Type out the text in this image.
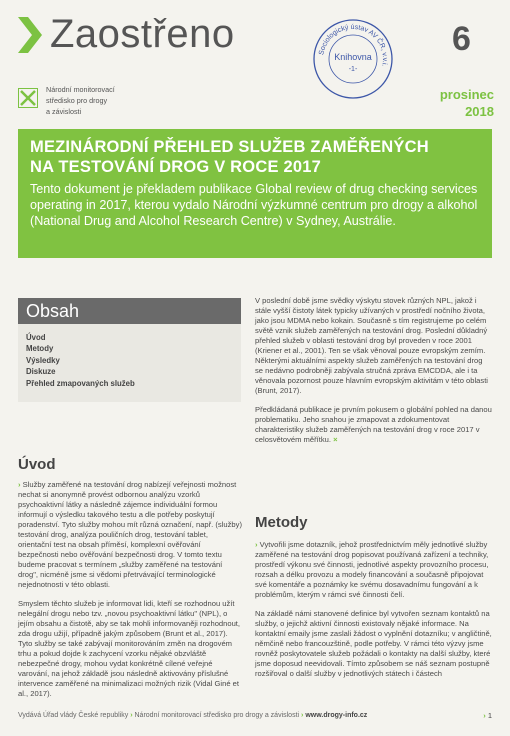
Zaostřeno
Národní monitorovací
středisko pro drogy
a závislosti
Sociologický ústav AV ČR, v.v.i.
Knihovna
-1-
6
prosinec
2018
MEZINÁRODNÍ PŘEHLED SLUŽEB ZAMĚŘENÝCH
NA TESTOVÁNÍ DROG V ROCE 2017
Tento dokument je překladem publikace Global review of drug checking services operating in 2017, kterou vydalo Národní výzkumné centrum pro drogy a alkohol (National Drug and Alcohol Research Centre) v Sydney, Austrálie.
Obsah
Úvod
Metody
Výsledky
Diskuze
Přehled zmapovaných služeb
Úvod

› Služby zaměřené na testování drog nabízejí veřejnosti možnost nechat si anonymně provést odbornou analýzu vzorků psychoaktivní látky a následně zájemce individuální formou informují o výsledku takového testu a dle potřeby poskytují poradenství. Tyto služby mohou mít různá označení, např. (služby) testování drog, analýza pouličních drog, testování tablet, orientační test na obsah příměsí, komplexní ověřování bezpečnosti nebo ověřování bezpečnosti drog. V tomto textu budeme pracovat s termínem „služby zaměřené na testování drog", nicméně jsme si vědomi přetrvávající terminologické nejednotnosti v této oblasti.

Smyslem těchto služeb je informovat lidi, kteří se rozhodnou užít nelegální drogu nebo tzv. „novou psychoaktivní látku" (NPL), o jejím obsahu a čistotě, aby se tak mohli informovaněji rozhodnout, zda drogu užijí, případně jakým způsobem (Brunt et al., 2017). Tyto služby se také zabývají monitorováním změn na drogovém trhu a pokud dojde k zachycení vzorku nějaké obzvláště nebezpečné drogy, mohou vydat konkrétně cílené veřejné varování, na jehož základě jsou následně aktivovány příslušné intervence zaměřené na minimalizaci možných rizik (Vidal Giné et al., 2017).

V poslední době jsme svědky výskytu stovek různých NPL, jakož i stále vyšší čistoty látek typicky užívaných v prostředí nočního života, jako jsou MDMA nebo kokain. Současně s tím registrujeme po celém světě vznik služeb zaměřených na testování drog. Poslední důkladný přehled služeb v oblasti testování drog byl proveden v roce 2001 (Kriener et al., 2001). Ten se však věnoval pouze evropským zemím. Některými aktuálními aspekty služeb zaměřených na testování drog se nedávno podrobněji zabývala stručná zpráva EMCDDA, ale i ta věnovala pozornost pouze hlavním evropským aktivitám v této oblasti (Brunt, 2017).

Předkládaná publikace je prvním pokusem o globální pohled na danou problematiku. Jeho snahou je zmapovat a zdokumentovat charakteristiky služeb zaměřených na testování drog v roce 2017 v celosvětovém měřítku. ×

Metody

› Vytvořili jsme dotazník, jehož prostřednictvím měly jednotlivé služby zaměřené na testování drog popisovat používaná zařízení a techniky, prostředí výkonu své činnosti, jednotlivé aspekty provozního procesu, rozsah a délku provozu a modely financování a současně připojovat své komentáře a poznámky ke svému dosavadnímu fungování a k problémům, kterým v rámci své činnosti čelí.

Na základě námi stanovené definice byl vytvořen seznam kontaktů na služby, o jejichž aktivní činnosti existovaly nějaké informace. Na kontaktní emaily jsme zaslali žádost o vyplnění dotazníku; v angličtině, němčině nebo francouzštině, podle potřeby. V rámci této výzvy jsme rovněž poskytovatele služeb požádali o kontakty na další služby, které jsme doposud neevidovali. Tímto způsobem se náš seznam postupně rozšiřoval o další služby v jednotlivých státech i částech

Vydává Úřad vlády České republiky › Národní monitorovací středisko pro drogy a závislosti › www.drogy-info.cz	› 1
